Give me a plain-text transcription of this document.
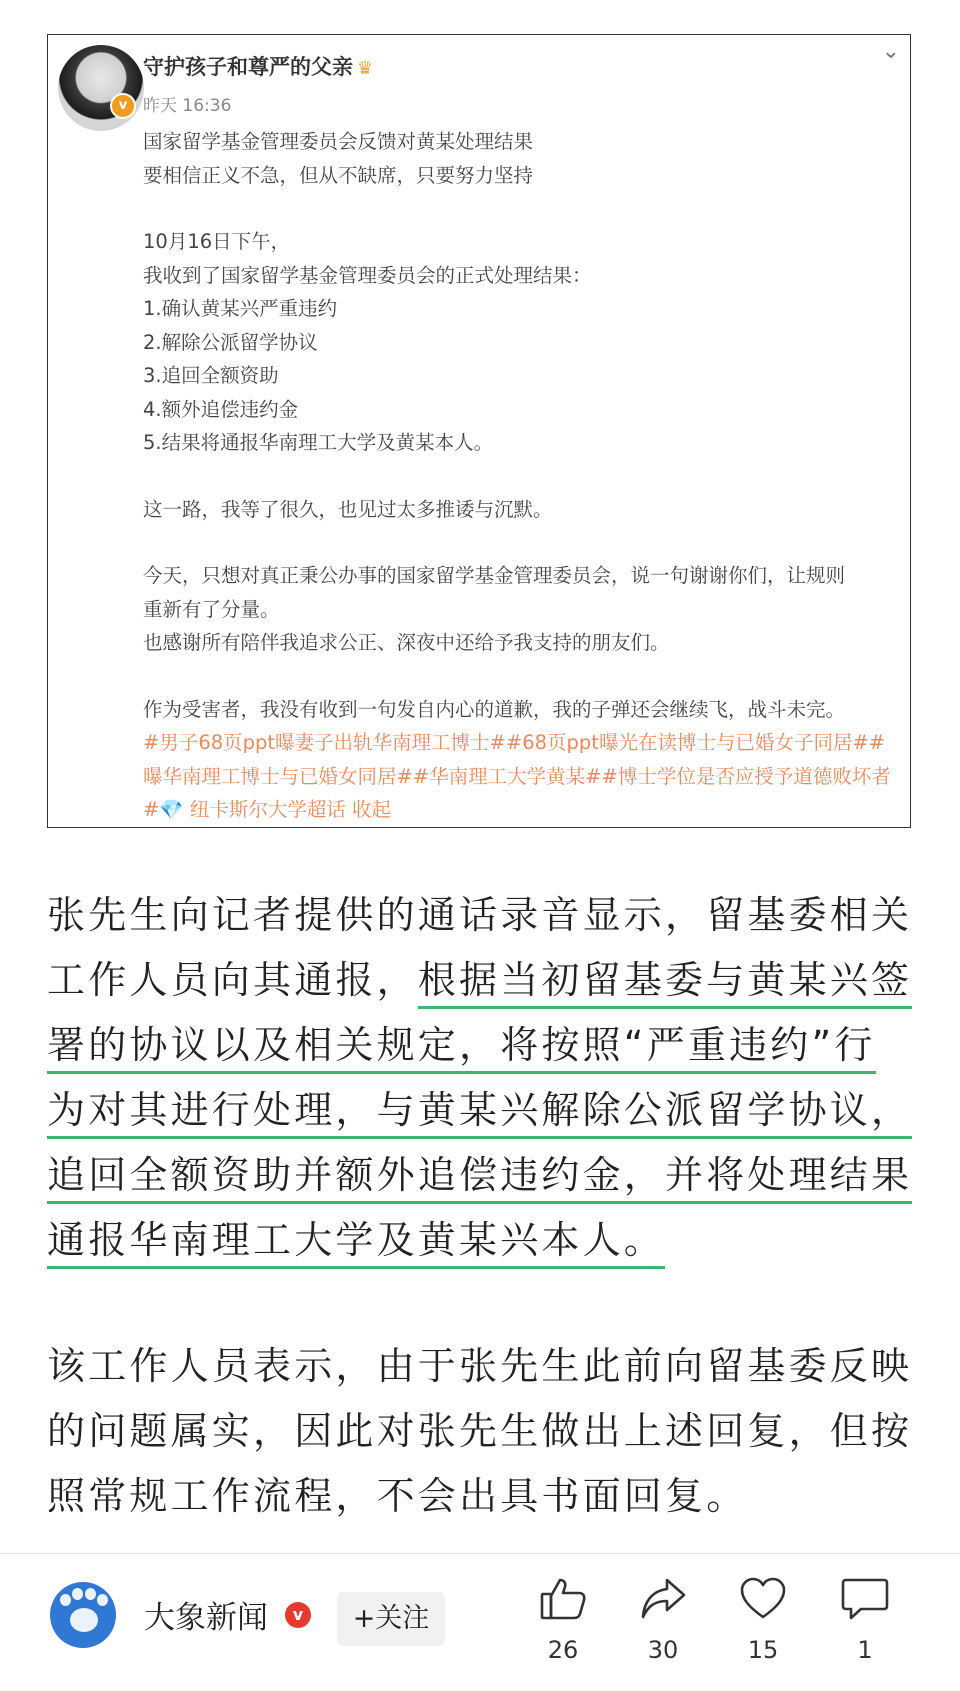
v
守护孩子和尊严的父亲 ♛
昨天 16:36
⌄
国家留学基金管理委员会反馈对黄某处理结果
要相信正义不急，但从不缺席，只要努力坚持
10月16日下午，
我收到了国家留学基金管理委员会的正式处理结果：
1.确认黄某兴严重违约
2.解除公派留学协议
3.追回全额资助
4.额外追偿违约金
5.结果将通报华南理工大学及黄某本人。
这一路，我等了很久，也见过太多推诿与沉默。
今天，只想对真正秉公办事的国家留学基金管理委员会，说一句谢谢你们，让规则
重新有了分量。
也感谢所有陪伴我追求公正、深夜中还给予我支持的朋友们。
作为受害者，我没有收到一句发自内心的道歉，我的子弹还会继续飞，战斗未完。
#男子68页ppt曝妻子出轨华南理工博士##68页ppt曝光在读博士与已婚女子同居##曝华南理工博士与已婚女同居##华南理工大学黄某##博士学位是否应授予道德败坏者#💎 纽卡斯尔大学超话 收起
张先生向记者提供的通话录音显示，留基委相关工作人员向其通报，根据当初留基委与黄某兴签署的协议以及相关规定，将按照“严重违约”行为对其进行处理，与黄某兴解除公派留学协议，追回全额资助并额外追偿违约金，并将处理结果通报华南理工大学及黄某兴本人。
该工作人员表示，由于张先生此前向留基委反映的问题属实，因此对张先生做出上述回复，但按照常规工作流程，不会出具书面回复。
大象新闻	v	+关注
26	30	15	1
